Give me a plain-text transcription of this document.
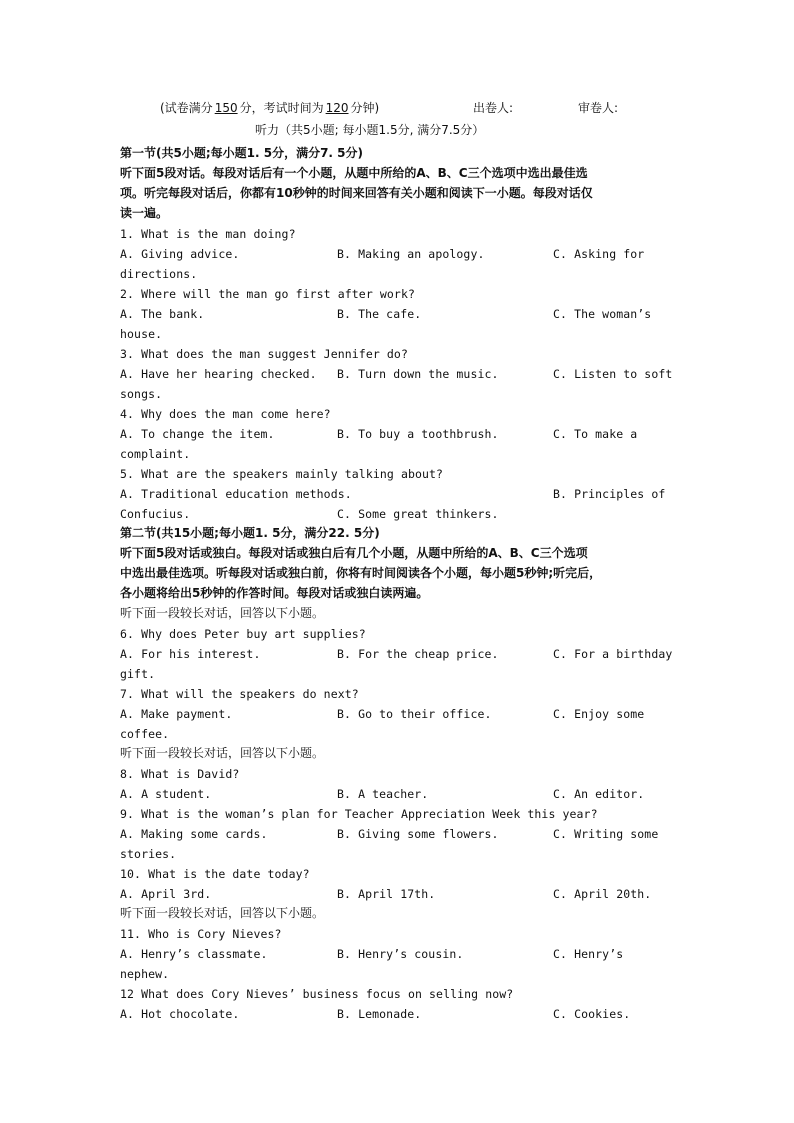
(试卷满分 150 分，考试时间为 120 分钟)	出卷人:	审卷人:
听力（共5小题; 每小题1.5分, 满分7.5分）
第一节(共5小题;每小题1. 5分，满分7. 5分)
听下面5段对话。每段对话后有一个小题，从题中所给的A、B、C三个选项中选出最佳选
项。听完每段对话后，你都有10秒钟的时间来回答有关小题和阅读下一小题。每段对话仅
读一遍。
1. What is the man doing?
A. Giving advice.	B. Making an apology.	C. Asking for
directions.
2. Where will the man go first after work?
A. The bank.	B. The cafe.	C. The woman’s
house.
3. What does the man suggest Jennifer do?
A. Have her hearing checked. B. Turn down the music.	C. Listen to soft
songs.
4. Why does the man come here?
A. To change the item.	B. To buy a toothbrush.	C. To make a
complaint.
5. What are the speakers mainly talking about?
A. Traditional education methods.	B. Principles of
Confucius.	C. Some great thinkers.
第二节(共15小题;每小题1. 5分，满分22. 5分)
听下面5段对话或独白。每段对话或独白后有几个小题，从题中所给的A、B、C三个选项
中选出最佳选项。听每段对话或独白前，你将有时间阅读各个小题，每小题5秒钟;听完后，
各小题将给出5秒钟的作答时间。每段对话或独白读两遍。
听下面一段较长对话，回答以下小题。
6. Why does Peter buy art supplies?
A. For his interest.	B. For the cheap price.	C. For a birthday
gift.
7. What will the speakers do next?
A. Make payment.	B. Go to their office.	C. Enjoy some
coffee.
听下面一段较长对话，回答以下小题。
8. What is David?
A. A student.	B. A teacher.	C. An editor.
9. What is the woman’s plan for Teacher Appreciation Week this year?
A. Making some cards.	B. Giving some flowers.	C. Writing some
stories.
10. What is the date today?
A. April 3rd.	B. April 17th.	C. April 20th.
听下面一段较长对话，回答以下小题。
11. Who is Cory Nieves?
A. Henry’s classmate.	B. Henry’s cousin.	C. Henry’s
nephew.
12 What does Cory Nieves’ business focus on selling now?
A. Hot chocolate.	B. Lemonade.	C. Cookies.
